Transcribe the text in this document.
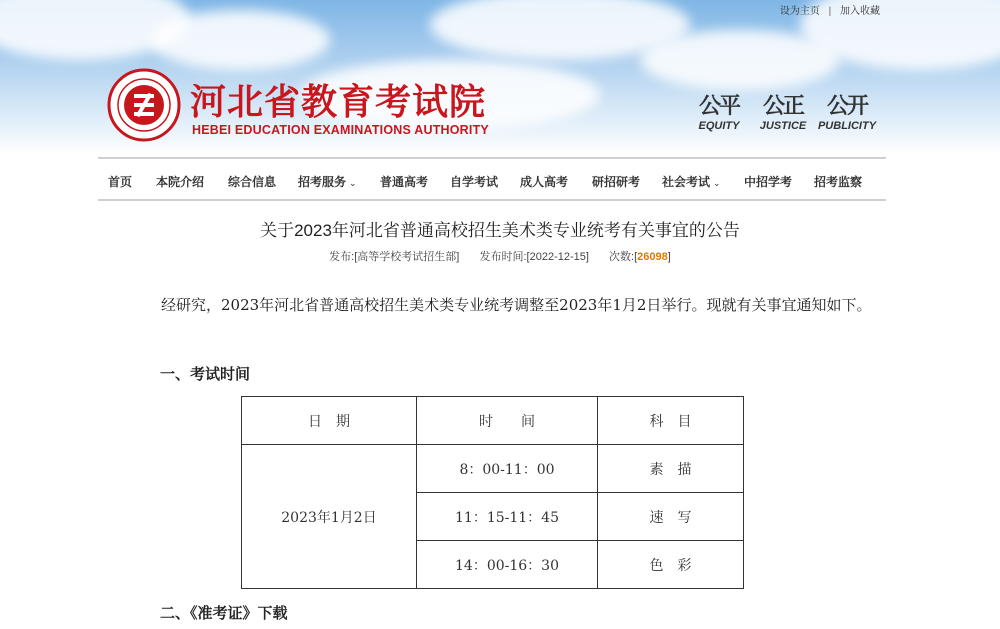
设为主页 | 加入收藏
河北省教育考试院
HEBEI EDUCATION EXAMINATIONS AUTHORITY
公平
EQUITY
公正
JUSTICE
公开
PUBLICITY
首页 本院介绍 综合信息 招考服务 ⌄ 普通高考 自学考试 成人高考 研招研考 社会考试 ⌄ 中招学考 招考监察
关于2023年河北省普通高校招生美术类专业统考有关事宜的公告
发布:[高等学校考试招生部] 发布时间:[2022-12-15] 次数:[26098]
经研究，2023年河北省普通高校招生美术类专业统考调整至2023年1月2日举行。现就有关事宜通知如下。
一、考试时间
日　期	时　　间	科　目
2023年1月2日	8：00-11：00	素　描
	11：15-11：45	速　写
	14：00-16：30	色　彩
二、《准考证》下载
